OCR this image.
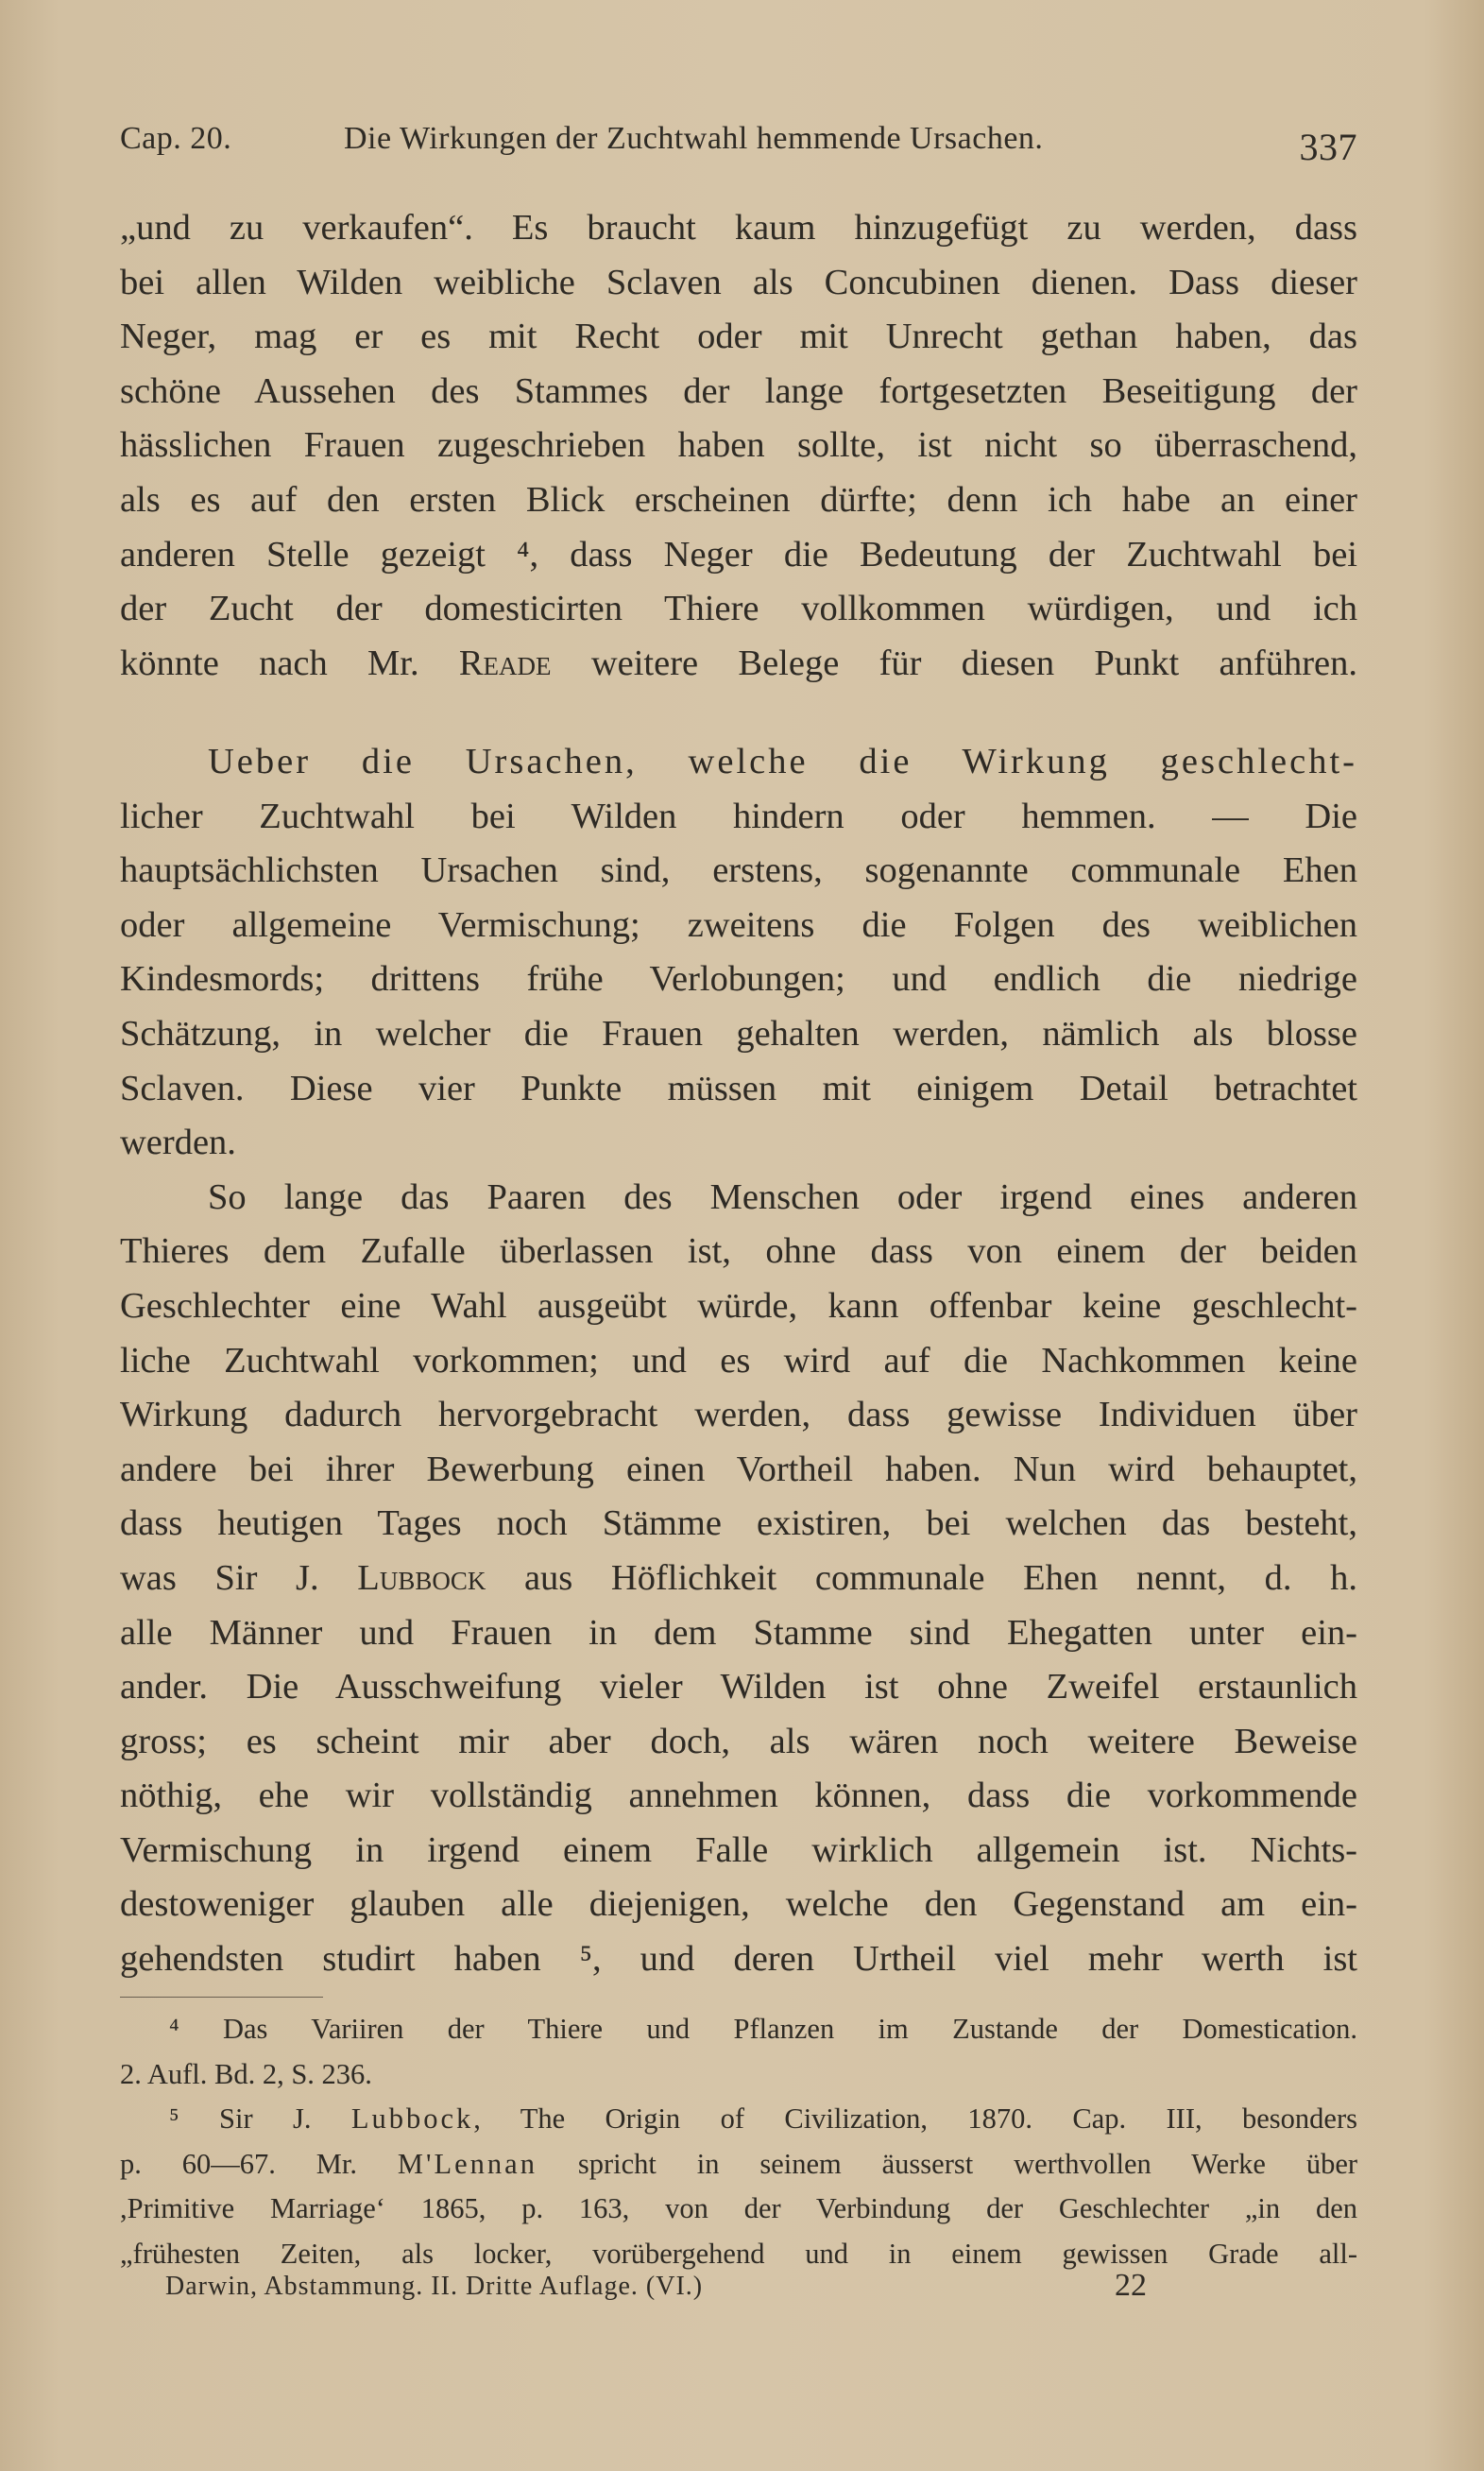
Cap. 20.	Die Wirkungen der Zuchtwahl hemmende Ursachen.	337
„und zu verkaufen“. Es braucht kaum hinzugefügt zu werden, dass
bei allen Wilden weibliche Sclaven als Concubinen dienen. Dass dieser
Neger, mag er es mit Recht oder mit Unrecht gethan haben, das
schöne Aussehen des Stammes der lange fortgesetzten Beseitigung der
hässlichen Frauen zugeschrieben haben sollte, ist nicht so überraschend,
als es auf den ersten Blick erscheinen dürfte; denn ich habe an einer
anderen Stelle gezeigt ⁴, dass Neger die Bedeutung der Zuchtwahl bei
der Zucht der domesticirten Thiere vollkommen würdigen, und ich
könnte nach Mr. Reade weitere Belege für diesen Punkt anführen.
Ueber die Ursachen, welche die Wirkung geschlecht-
licher Zuchtwahl bei Wilden hindern oder hemmen. — Die
hauptsächlichsten Ursachen sind, erstens, sogenannte communale Ehen
oder allgemeine Vermischung; zweitens die Folgen des weiblichen
Kindesmords; drittens frühe Verlobungen; und endlich die niedrige
Schätzung, in welcher die Frauen gehalten werden, nämlich als blosse
Sclaven. Diese vier Punkte müssen mit einigem Detail betrachtet
werden.
So lange das Paaren des Menschen oder irgend eines anderen
Thieres dem Zufalle überlassen ist, ohne dass von einem der beiden
Geschlechter eine Wahl ausgeübt würde, kann offenbar keine geschlecht-
liche Zuchtwahl vorkommen; und es wird auf die Nachkommen keine
Wirkung dadurch hervorgebracht werden, dass gewisse Individuen über
andere bei ihrer Bewerbung einen Vortheil haben. Nun wird behauptet,
dass heutigen Tages noch Stämme existiren, bei welchen das besteht,
was Sir J. Lubbock aus Höflichkeit communale Ehen nennt, d. h.
alle Männer und Frauen in dem Stamme sind Ehegatten unter ein-
ander. Die Ausschweifung vieler Wilden ist ohne Zweifel erstaunlich
gross; es scheint mir aber doch, als wären noch weitere Beweise
nöthig, ehe wir vollständig annehmen können, dass die vorkommende
Vermischung in irgend einem Falle wirklich allgemein ist. Nichts-
destoweniger glauben alle diejenigen, welche den Gegenstand am ein-
gehendsten studirt haben ⁵, und deren Urtheil viel mehr werth ist
⁴ Das Variiren der Thiere und Pflanzen im Zustande der Domestication.
2. Aufl. Bd. 2, S. 236.
⁵ Sir J. Lubbock, The Origin of Civilization, 1870. Cap. III, besonders
p. 60—67. Mr. M'Lennan spricht in seinem äusserst werthvollen Werke über
,Primitive Marriage‘ 1865, p. 163, von der Verbindung der Geschlechter „in den
„frühesten Zeiten, als locker, vorübergehend und in einem gewissen Grade all-
Darwin, Abstammung. II. Dritte Auflage. (VI.)	22
